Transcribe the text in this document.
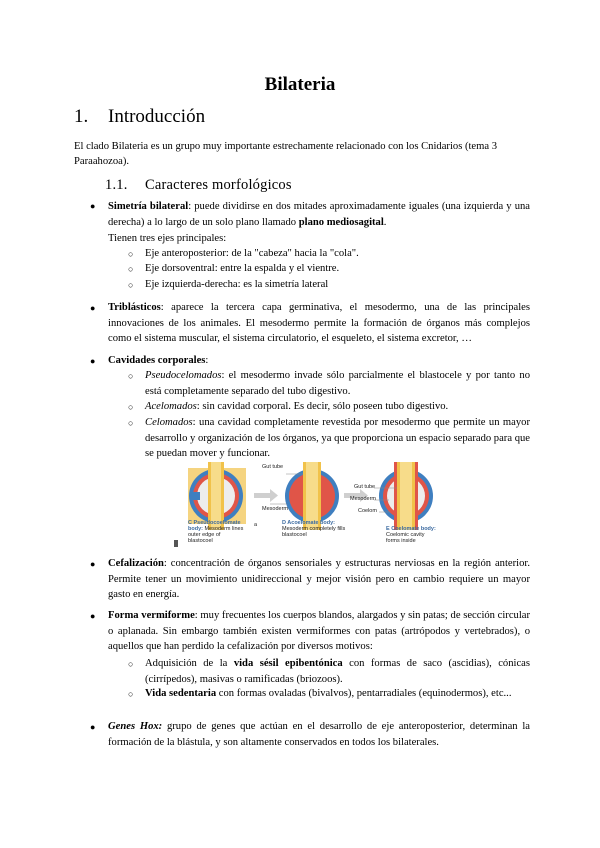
Bilateria
1. Introducción
El clado Bilateria es un grupo muy importante estrechamente relacionado con los Cnidarios (tema 3 Paraahozoa).
1.1. Caracteres morfológicos
● Simetría bilateral: puede dividirse en dos mitades aproximadamente iguales (una izquierda y una derecha) a lo largo de un solo plano llamado plano mediosagital.
Tienen tres ejes principales:
○ Eje anteroposterior: de la "cabeza" hacia la "cola".
○ Eje dorsoventral: entre la espalda y el vientre.
○ Eje izquierda-derecha: es la simetría lateral
● Triblásticos: aparece la tercera capa germinativa, el mesodermo, una de las principales innovaciones de los animales. El mesodermo permite la formación de órganos más complejos como el sistema muscular, el sistema circulatorio, el esqueleto, el sistema excretor, …
● Cavidades corporales:
○ Pseudocelomados: el mesodermo invade sólo parcialmente el blastocele y por tanto no está completamente separado del tubo digestivo.
○ Acelomados: sin cavidad corporal. Es decir, sólo poseen tubo digestivo.
○ Celomados: una cavidad completamente revestida por mesodermo que permite un mayor desarrollo y organización de los órganos, ya que proporciona un espacio separado para que se puedan mover y funcionar.
Gut tube
Mesoderm
Gut tube
Mesoderm
Coelom
C Pseudocoelomate body: Mesoderm lines outer edge of blastocoel
a	D Acoelomate body: Mesoderm completely fills blastocoel
E Coelomate body: Coelomic cavity forms inside
● Cefalización: concentración de órganos sensoriales y estructuras nerviosas en la región anterior. Permite tener un movimiento unidireccional y mejor visión pero en cambio requiere un mayor gasto en energía.
● Forma vermiforme: muy frecuentes los cuerpos blandos, alargados y sin patas; de sección circular o aplanada. Sin embargo también existen vermiformes con patas (artrópodos y vertebrados), o aquellos que han perdido la cefalización por diversos motivos:
○ Adquisición de la vida sésil epibentónica con formas de saco (ascidias), cónicas (cirrípedos), masivas o ramificadas (briozoos).
○ Vida sedentaria con formas ovaladas (bivalvos), pentarradiales (equinodermos), etc...
● Genes Hox: grupo de genes que actúan en el desarrollo de eje anteroposterior, determinan la formación de la blástula, y son altamente conservados en todos los bilaterales.
